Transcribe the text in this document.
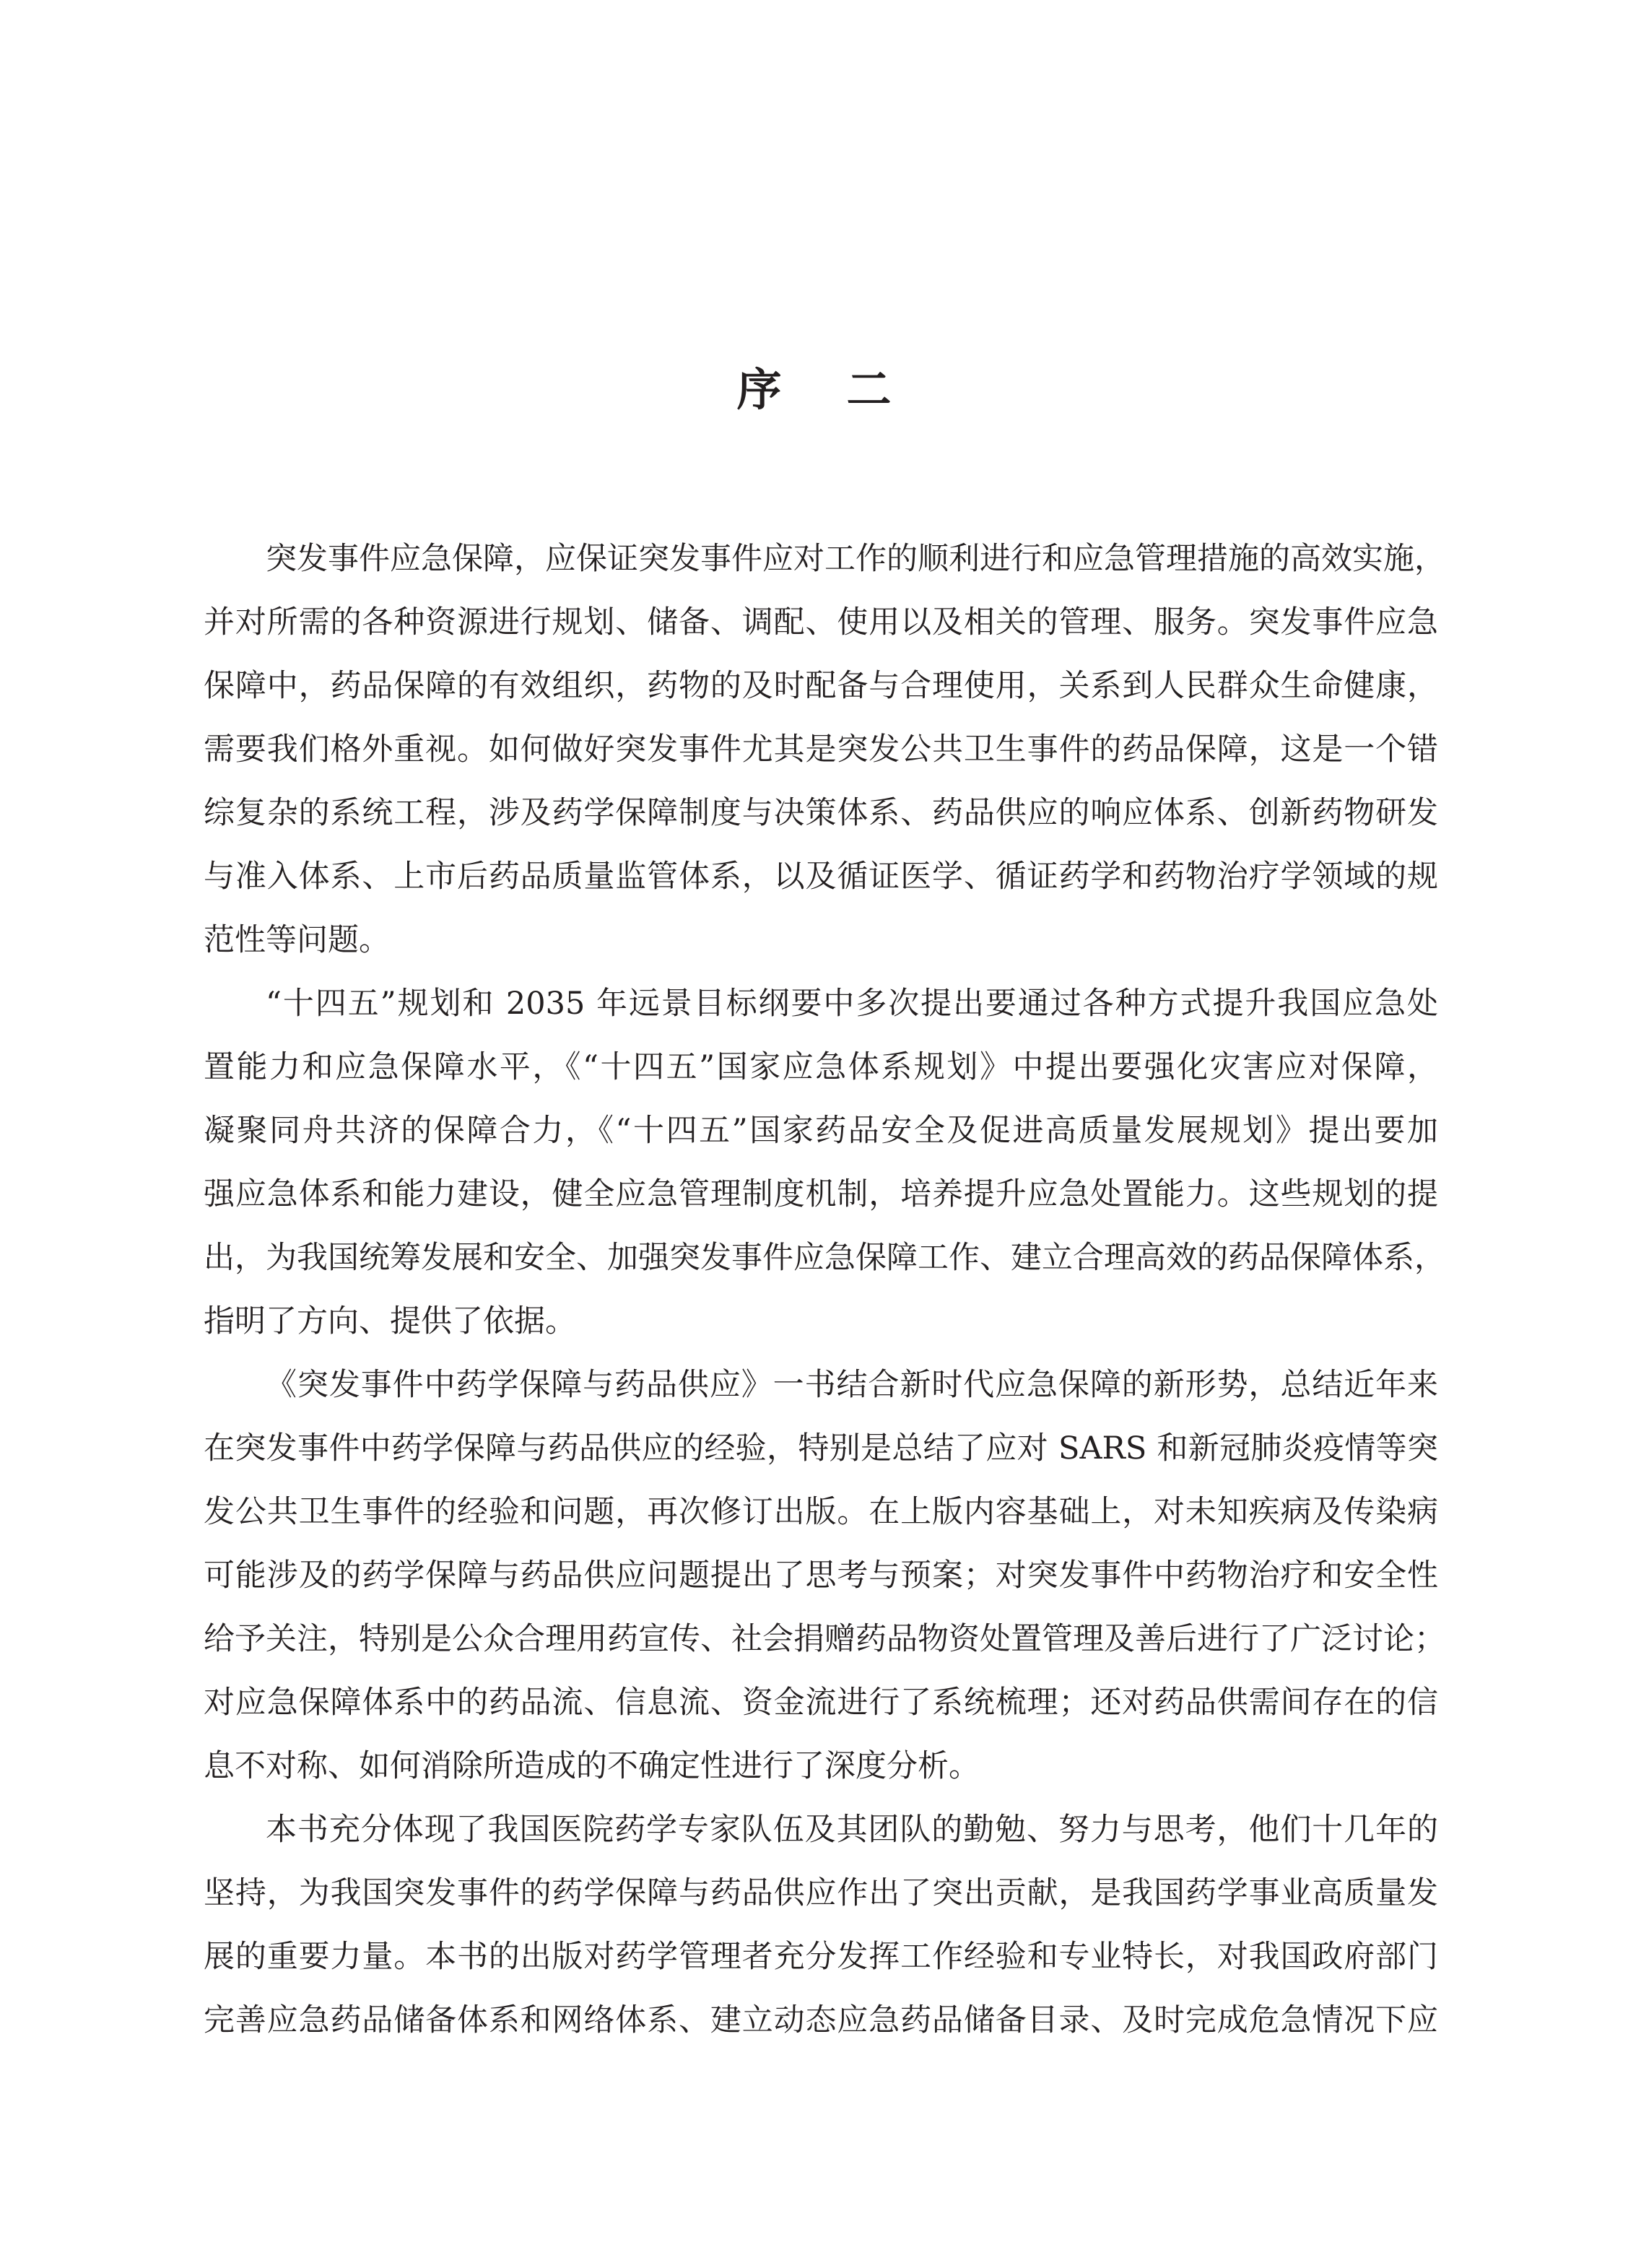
序 二
突发事件应急保障，应保证突发事件应对工作的顺利进行和应急管理措施的高效实施，
并对所需的各种资源进行规划、储备、调配、使用以及相关的管理、服务。突发事件应急
保障中，药品保障的有效组织，药物的及时配备与合理使用，关系到人民群众生命健康，
需要我们格外重视。如何做好突发事件尤其是突发公共卫生事件的药品保障，这是一个错
综复杂的系统工程，涉及药学保障制度与决策体系、药品供应的响应体系、创新药物研发
与准入体系、上市后药品质量监管体系，以及循证医学、循证药学和药物治疗学领域的规
范性等问题。
“十四五”规划和 2035 年远景目标纲要中多次提出要通过各种方式提升我国应急处
置能力和应急保障水平，《“十四五”国家应急体系规划》中提出要强化灾害应对保障，
凝聚同舟共济的保障合力，《“十四五”国家药品安全及促进高质量发展规划》提出要加
强应急体系和能力建设，健全应急管理制度机制，培养提升应急处置能力。这些规划的提
出，为我国统筹发展和安全、加强突发事件应急保障工作、建立合理高效的药品保障体系，
指明了方向、提供了依据。
《突发事件中药学保障与药品供应》一书结合新时代应急保障的新形势，总结近年来
在突发事件中药学保障与药品供应的经验，特别是总结了应对 SARS 和新冠肺炎疫情等突
发公共卫生事件的经验和问题，再次修订出版。在上版内容基础上，对未知疾病及传染病
可能涉及的药学保障与药品供应问题提出了思考与预案；对突发事件中药物治疗和安全性
给予关注，特别是公众合理用药宣传、社会捐赠药品物资处置管理及善后进行了广泛讨论；
对应急保障体系中的药品流、信息流、资金流进行了系统梳理；还对药品供需间存在的信
息不对称、如何消除所造成的不确定性进行了深度分析。
本书充分体现了我国医院药学专家队伍及其团队的勤勉、努力与思考，他们十几年的
坚持，为我国突发事件的药学保障与药品供应作出了突出贡献，是我国药学事业高质量发
展的重要力量。本书的出版对药学管理者充分发挥工作经验和专业特长，对我国政府部门
完善应急药品储备体系和网络体系、建立动态应急药品储备目录、及时完成危急情况下应
